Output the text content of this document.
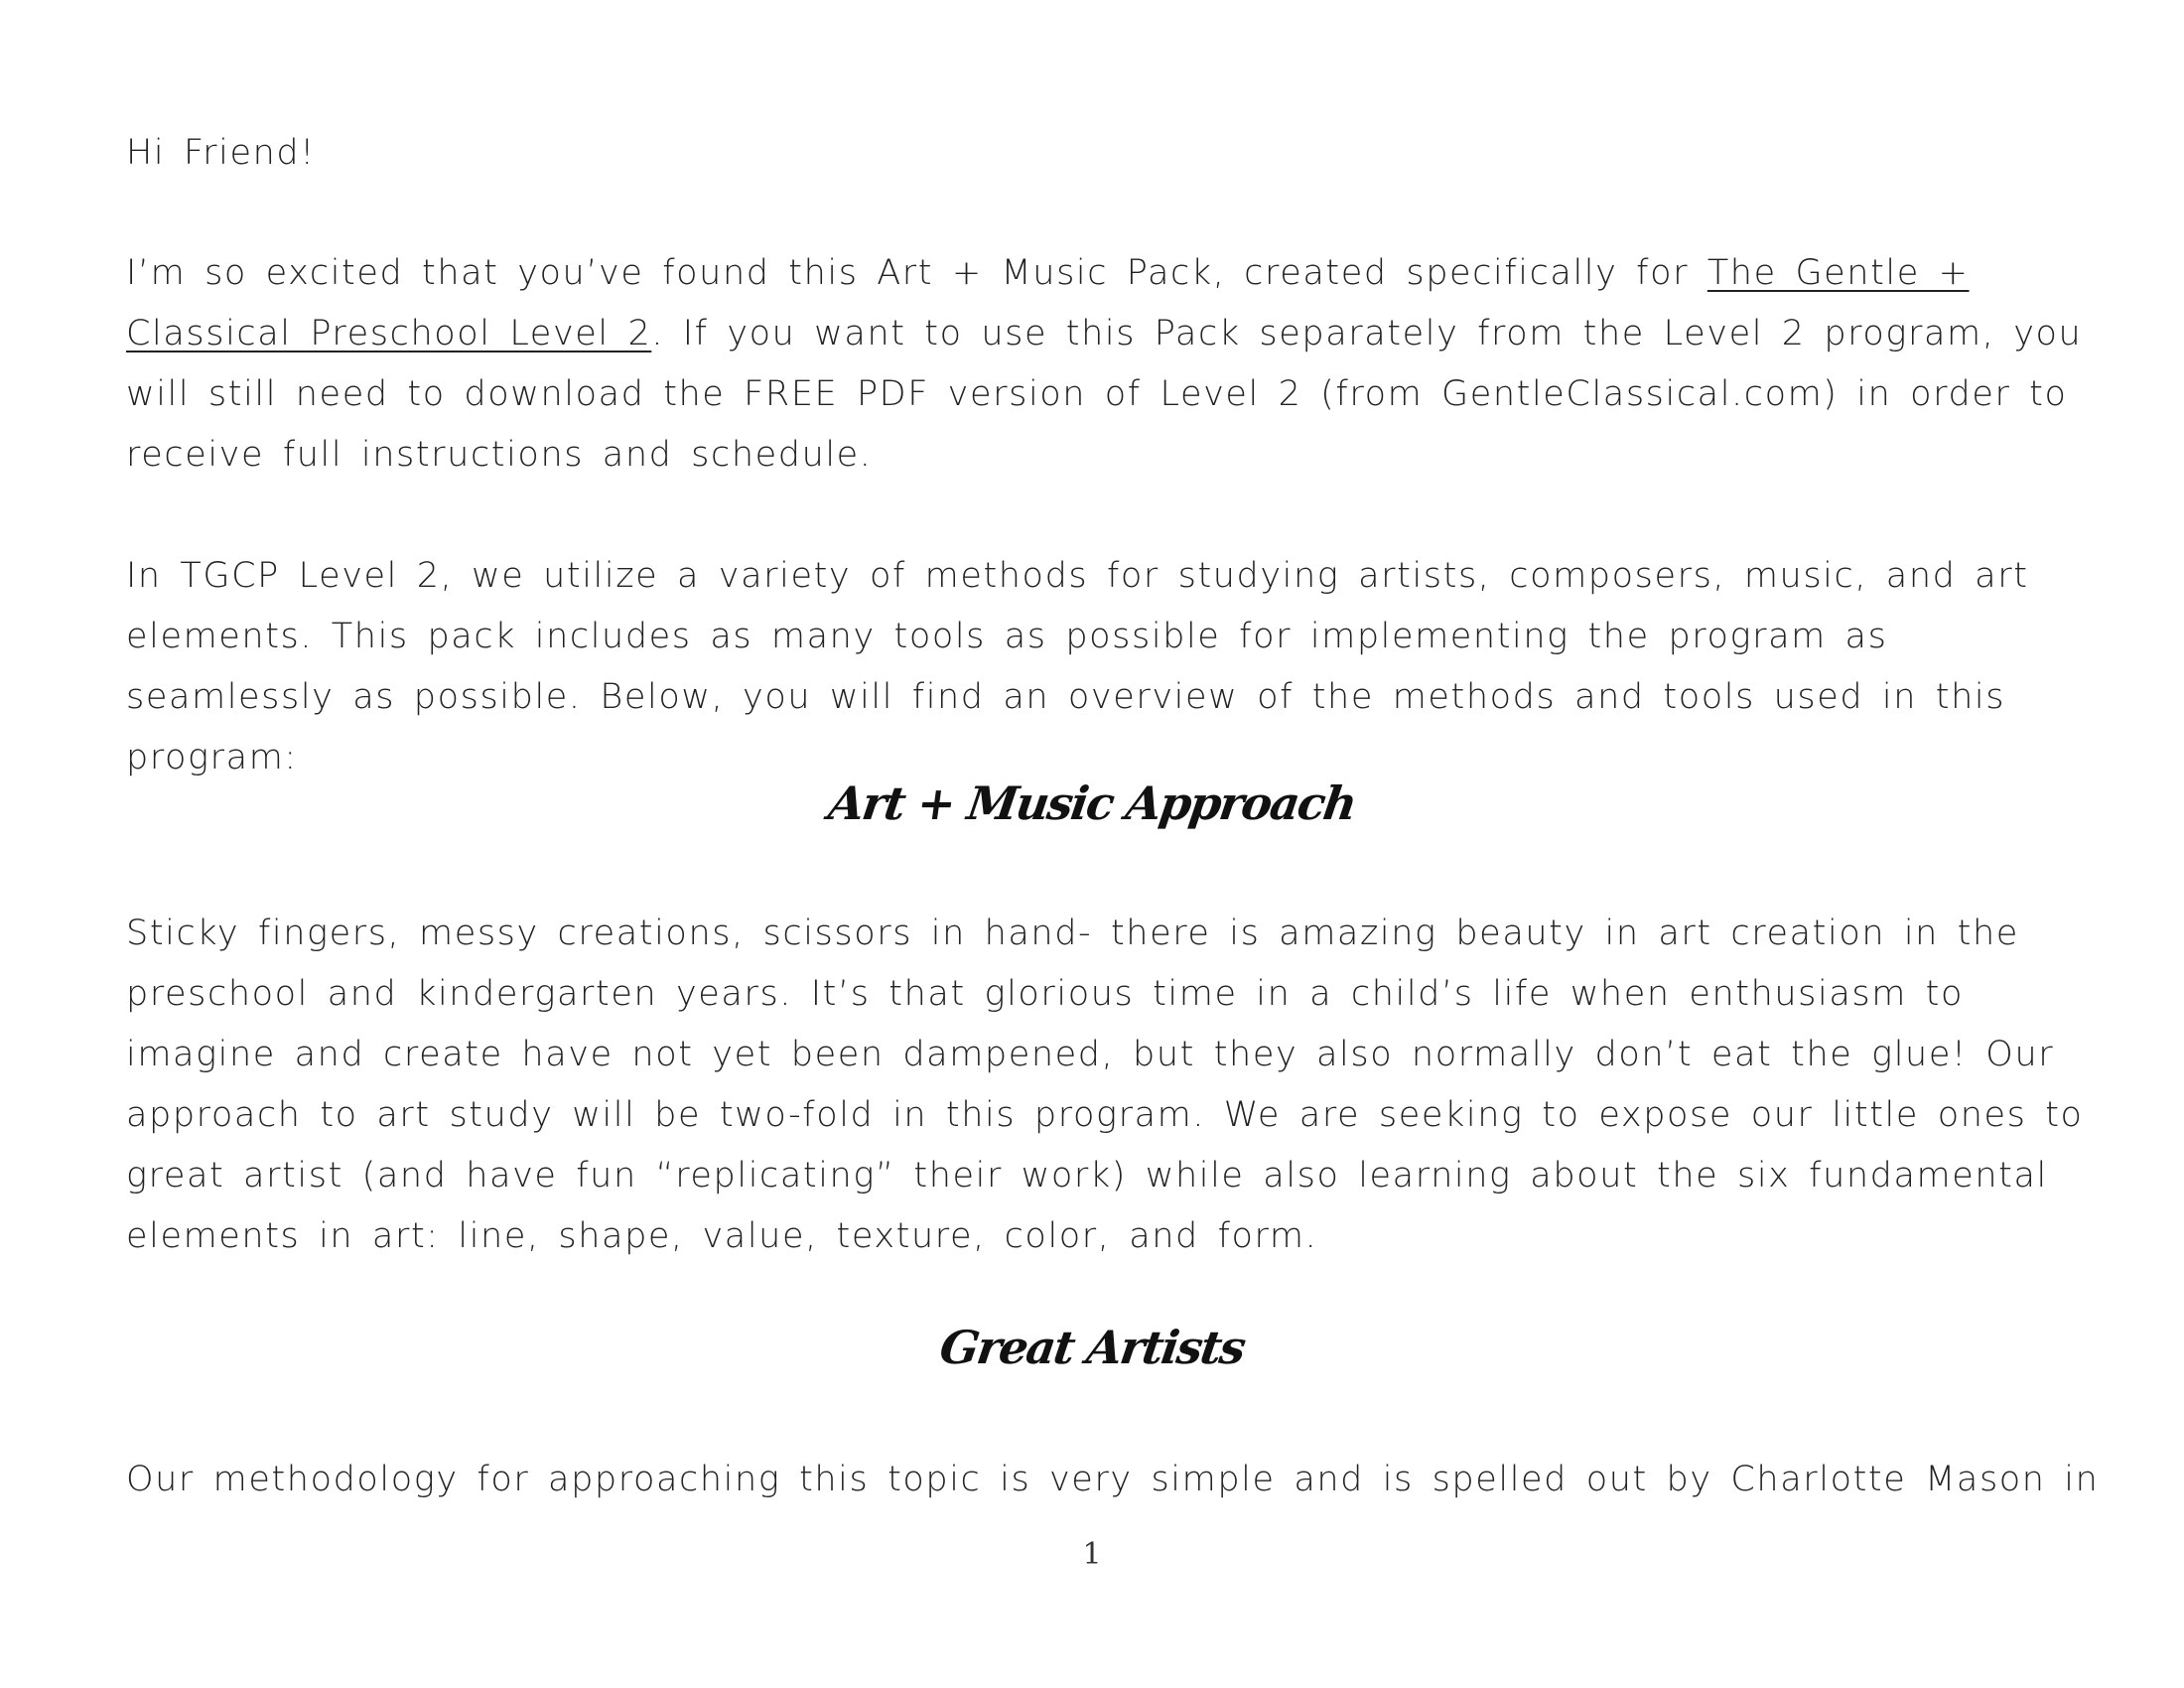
Hi Friend!

I’m so excited that you’ve found this Art + Music Pack, created specifically for The Gentle + Classical Preschool Level 2. If you want to use this Pack separately from the Level 2 program, you will still need to download the FREE PDF version of Level 2 (from GentleClassical.com) in order to receive full instructions and schedule.

In TGCP Level 2, we utilize a variety of methods for studying artists, composers, music, and art elements. This pack includes as many tools as possible for implementing the program as seamlessly as possible. Below, you will find an overview of the methods and tools used in this program:

Art + Music Approach

Sticky fingers, messy creations, scissors in hand- there is amazing beauty in art creation in the preschool and kindergarten years. It’s that glorious time in a child’s life when enthusiasm to imagine and create have not yet been dampened, but they also normally don’t eat the glue! Our approach to art study will be two-fold in this program. We are seeking to expose our little ones to great artist (and have fun “replicating” their work) while also learning about the six fundamental elements in art: line, shape, value, texture, color, and form.

Great Artists

Our methodology for approaching this topic is very simple and is spelled out by Charlotte Mason in

1
